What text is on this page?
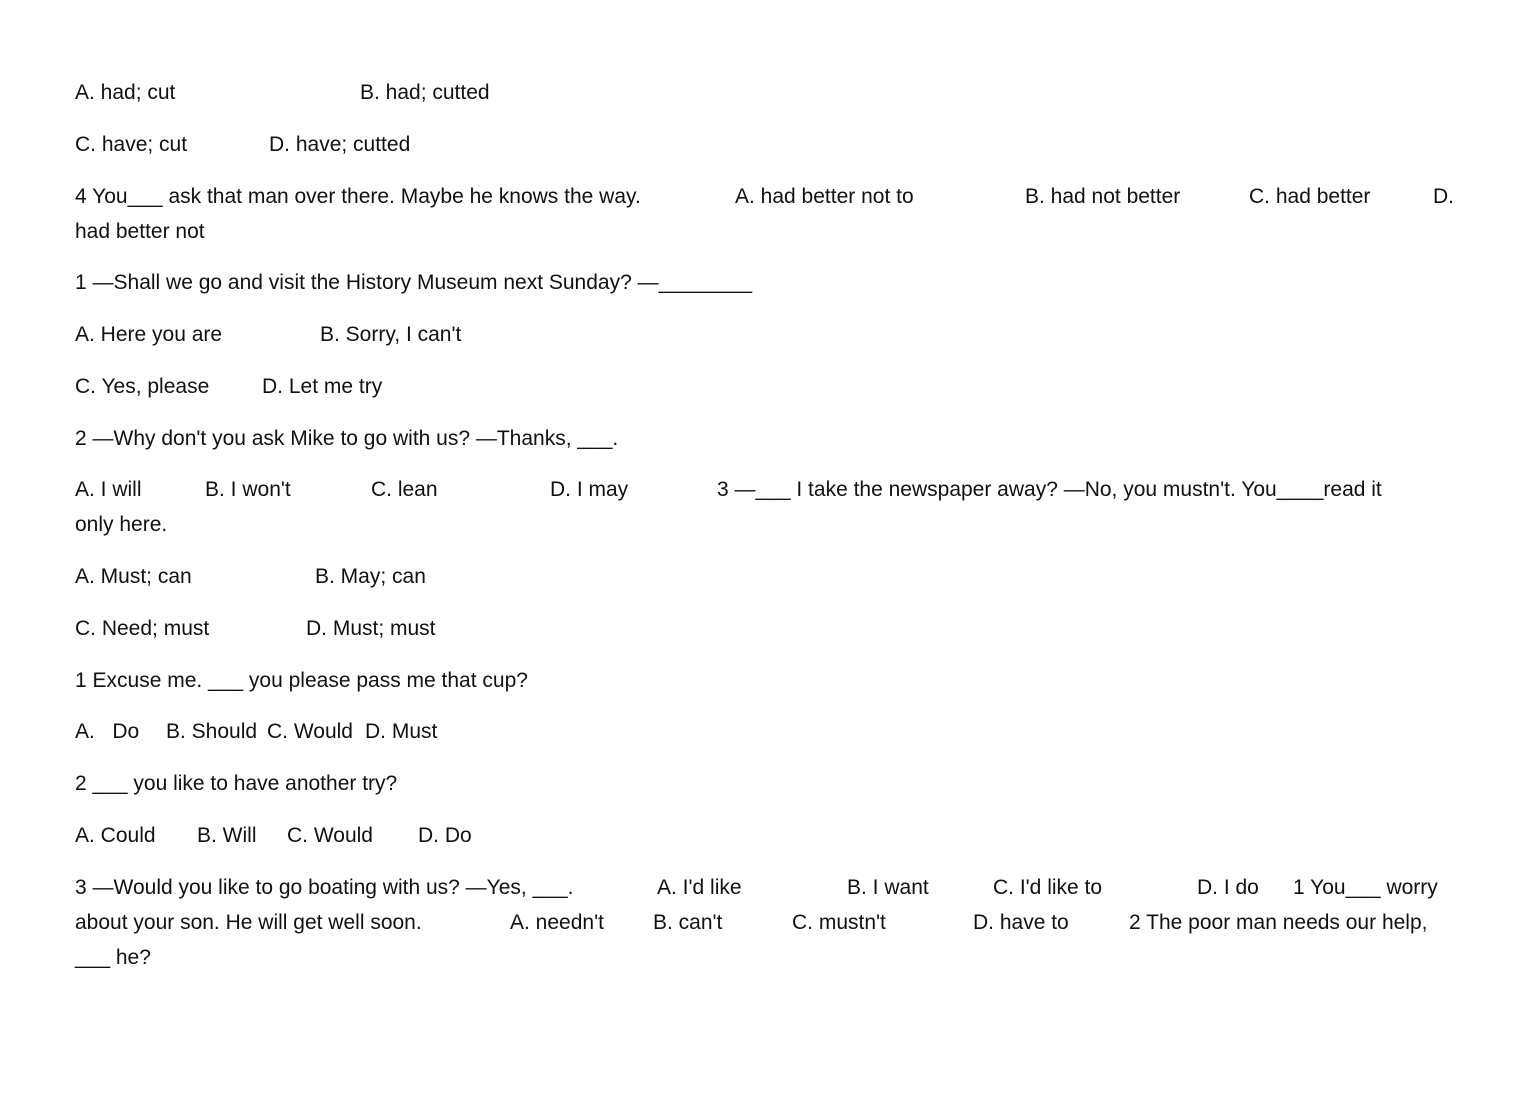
A. had; cut

	B. had; cutted

C. have; cut

	D. have; cutted

4 You___ ask that man over there. Maybe he knows the way.

	A. had better not to

	B. had not better

	C. had better

	D.

had better not

1 —Shall we go and visit the History Museum next Sunday? —________

A. Here you are

	B. Sorry, I can't

C. Yes, please

	D. Let me try

2 —Why don't you ask Mike to go with us? —Thanks, ___.

A. I will

	B. I won't

	C. lean

	D. I may

	3 —___ I take the newspaper away? —No, you mustn't. You____read it

only here.

A. Must; can

	B. May; can

C. Need; must

	D. Must; must

1 Excuse me. ___ you please pass me that cup?

A.   Do

B. Should

C. Would

D. Must

2 ___ you like to have another try?

A. Could

B. Will

C. Would

D. Do

3 —Would you like to go boating with us? —Yes, ___.

	A. I'd like

	B. I want

	C. I'd like to

	D. I do

1 You___ worry

about your son. He will get well soon.

	A. needn't

B. can't

	C. mustn't

	D. have to

	2 The poor man needs our help,

___ he?
